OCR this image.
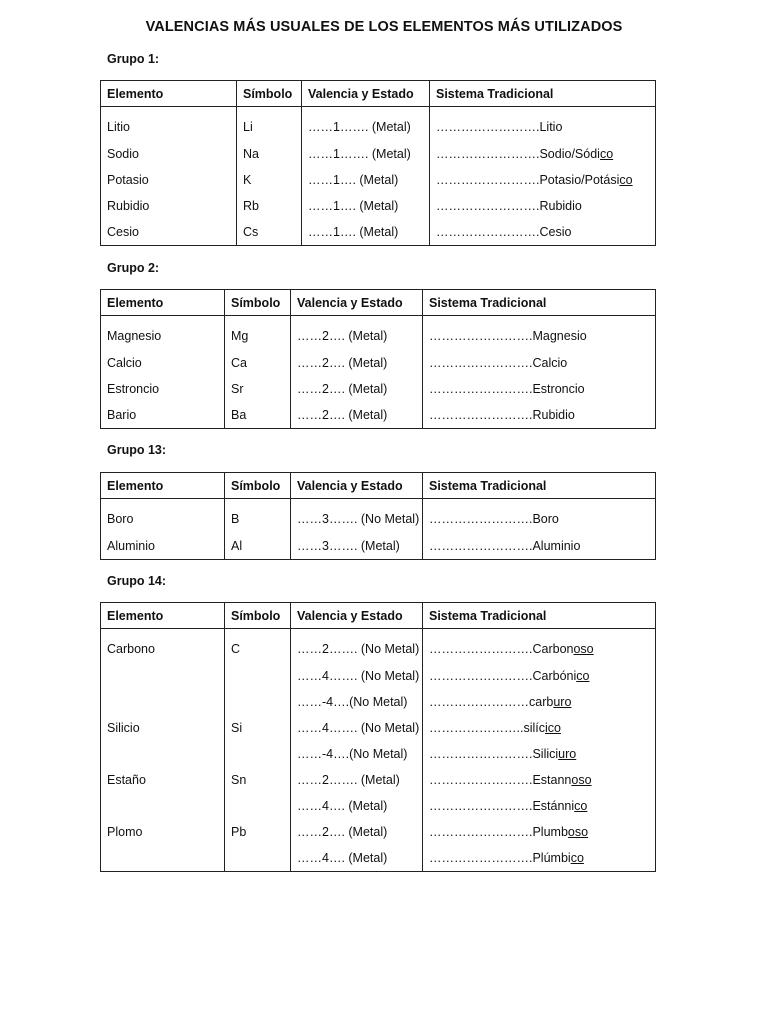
VALENCIAS MÁS USUALES DE LOS ELEMENTOS MÁS UTILIZADOS
Grupo 1:
Elemento	Símbolo	Valencia y Estado	Sistema Tradicional
Litio	Li	……1……. (Metal)	…………………….Litio
Sodio	Na	……1……. (Metal)	…………………….Sodio/Sódico
Potasio	K	……1…. (Metal)	…………………….Potasio/Potásico
Rubidio	Rb	……1…. (Metal)	…………………….Rubidio
Cesio	Cs	……1…. (Metal)	…………………….Cesio
Grupo 2:
Elemento	Símbolo	Valencia y Estado	Sistema Tradicional
Magnesio	Mg	……2…. (Metal)	…………………….Magnesio
Calcio	Ca	……2…. (Metal)	…………………….Calcio
Estroncio	Sr	……2…. (Metal)	…………………….Estroncio
Bario	Ba	……2…. (Metal)	…………………….Rubidio
Grupo 13:
Elemento	Símbolo	Valencia y Estado	Sistema Tradicional
Boro	B	……3……. (No Metal)	…………………….Boro
Aluminio	Al	……3……. (Metal)	…………………….Aluminio
Grupo 14:
Elemento	Símbolo	Valencia y Estado	Sistema Tradicional
Carbono	C	……2……. (No Metal)	…………………….Carbonoso
		……4……. (No Metal)	…………………….Carbónico
		……-4….(No Metal)	……………………carburo
Silicio	Si	……4……. (No Metal)	…………………..silícico
		……-4….(No Metal)	…………………….Siliciuro
Estaño	Sn	……2……. (Metal)	…………………….Estannoso
		……4…. (Metal)	…………………….Estánnico
Plomo	Pb	……2…. (Metal)	…………………….Plumboso
		……4…. (Metal)	…………………….Plúmbico
